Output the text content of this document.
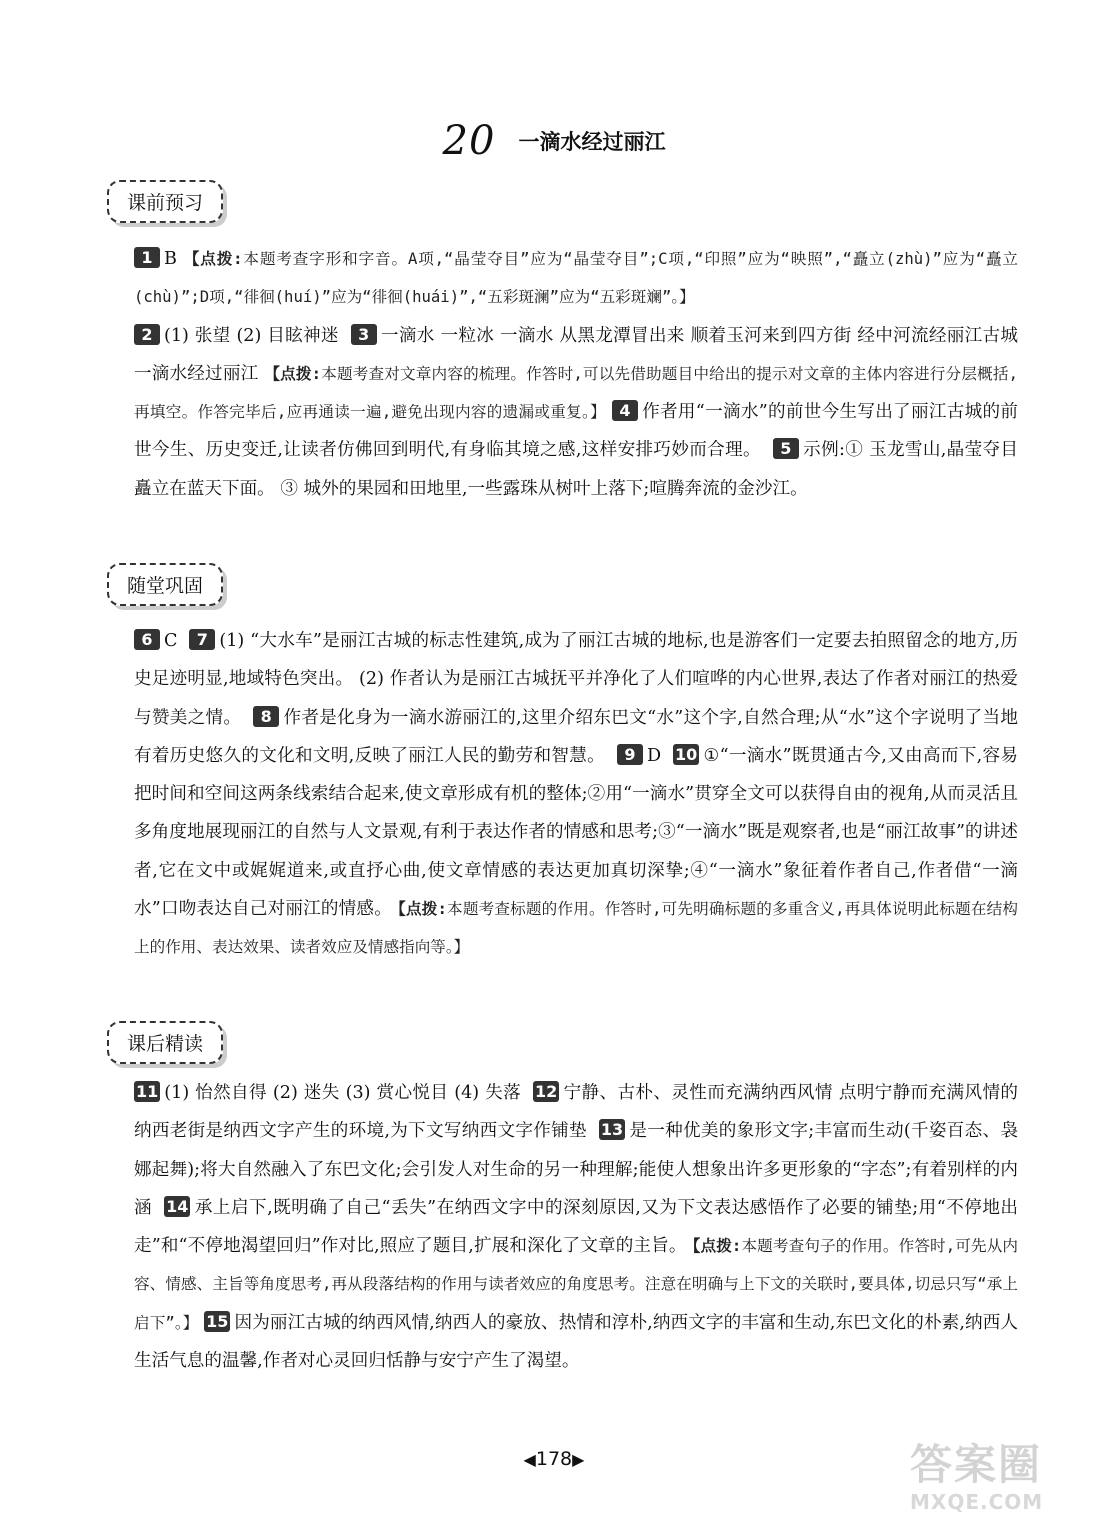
20 一滴水经过丽江
课前预习
1 B 【点拨:本题考查字形和字音。A项,“晶莹夺目”应为“晶莹夺目”;C项,“印照”应为“映照”,“矗立(zhù)”应为“矗立(chù)”;D项,“徘徊(huí)”应为“徘徊(huái)”,“五彩斑澜”应为“五彩斑斓”。】
2 (1) 张望 (2) 目眩神迷 3 一滴水 一粒冰 一滴水 从黑龙潭冒出来 顺着玉河来到四方街 经中河流经丽江古城 一滴水经过丽江 【点拨:本题考查对文章内容的梳理。作答时,可以先借助题目中给出的提示对文章的主体内容进行分层概括,再填空。作答完毕后,应再通读一遍,避免出现内容的遗漏或重复。】 4 作者用“一滴水”的前世今生写出了丽江古城的前世今生、历史变迁,让读者仿佛回到明代,有身临其境之感,这样安排巧妙而合理。 5 示例:① 玉龙雪山,晶莹夺目矗立在蓝天下面。 ③ 城外的果园和田地里,一些露珠从树叶上落下;喧腾奔流的金沙江。
随堂巩固
6 C 7 (1) “大水车”是丽江古城的标志性建筑,成为了丽江古城的地标,也是游客们一定要去拍照留念的地方,历史足迹明显,地域特色突出。 (2) 作者认为是丽江古城抚平并净化了人们喧哗的内心世界,表达了作者对丽江的热爱与赞美之情。 8 作者是化身为一滴水游丽江的,这里介绍东巴文“水”这个字,自然合理;从“水”这个字说明了当地有着历史悠久的文化和文明,反映了丽江人民的勤劳和智慧。 9 D 10 ①“一滴水”既贯通古今,又由高而下,容易把时间和空间这两条线索结合起来,使文章形成有机的整体;②用“一滴水”贯穿全文可以获得自由的视角,从而灵活且多角度地展现丽江的自然与人文景观,有利于表达作者的情感和思考;③“一滴水”既是观察者,也是“丽江故事”的讲述者,它在文中或娓娓道来,或直抒心曲,使文章情感的表达更加真切深挚;④“一滴水”象征着作者自己,作者借“一滴水”口吻表达自己对丽江的情感。 【点拨:本题考查标题的作用。作答时,可先明确标题的多重含义,再具体说明此标题在结构上的作用、表达效果、读者效应及情感指向等。】
课后精读
11 (1) 怡然自得 (2) 迷失 (3) 赏心悦目 (4) 失落 12 宁静、古朴、灵性而充满纳西风情 点明宁静而充满风情的纳西老街是纳西文字产生的环境,为下文写纳西文字作铺垫 13 是一种优美的象形文字;丰富而生动(千姿百态、袅娜起舞);将大自然融入了东巴文化;会引发人对生命的另一种理解;能使人想象出许多更形象的“字态”;有着别样的内涵 14 承上启下,既明确了自己“丢失”在纳西文字中的深刻原因,又为下文表达感悟作了必要的铺垫;用“不停地出走”和“不停地渴望回归”作对比,照应了题目,扩展和深化了文章的主旨。 【点拨:本题考查句子的作用。作答时,可先从内容、情感、主旨等角度思考,再从段落结构的作用与读者效应的角度思考。注意在明确与上下文的关联时,要具体,切忌只写“承上启下”。】 15 因为丽江古城的纳西风情,纳西人的豪放、热情和淳朴,纳西文字的丰富和生动,东巴文化的朴素,纳西人生活气息的温馨,作者对心灵回归恬静与安宁产生了渴望。
◀178▶	答案圈
MXQE.COM
